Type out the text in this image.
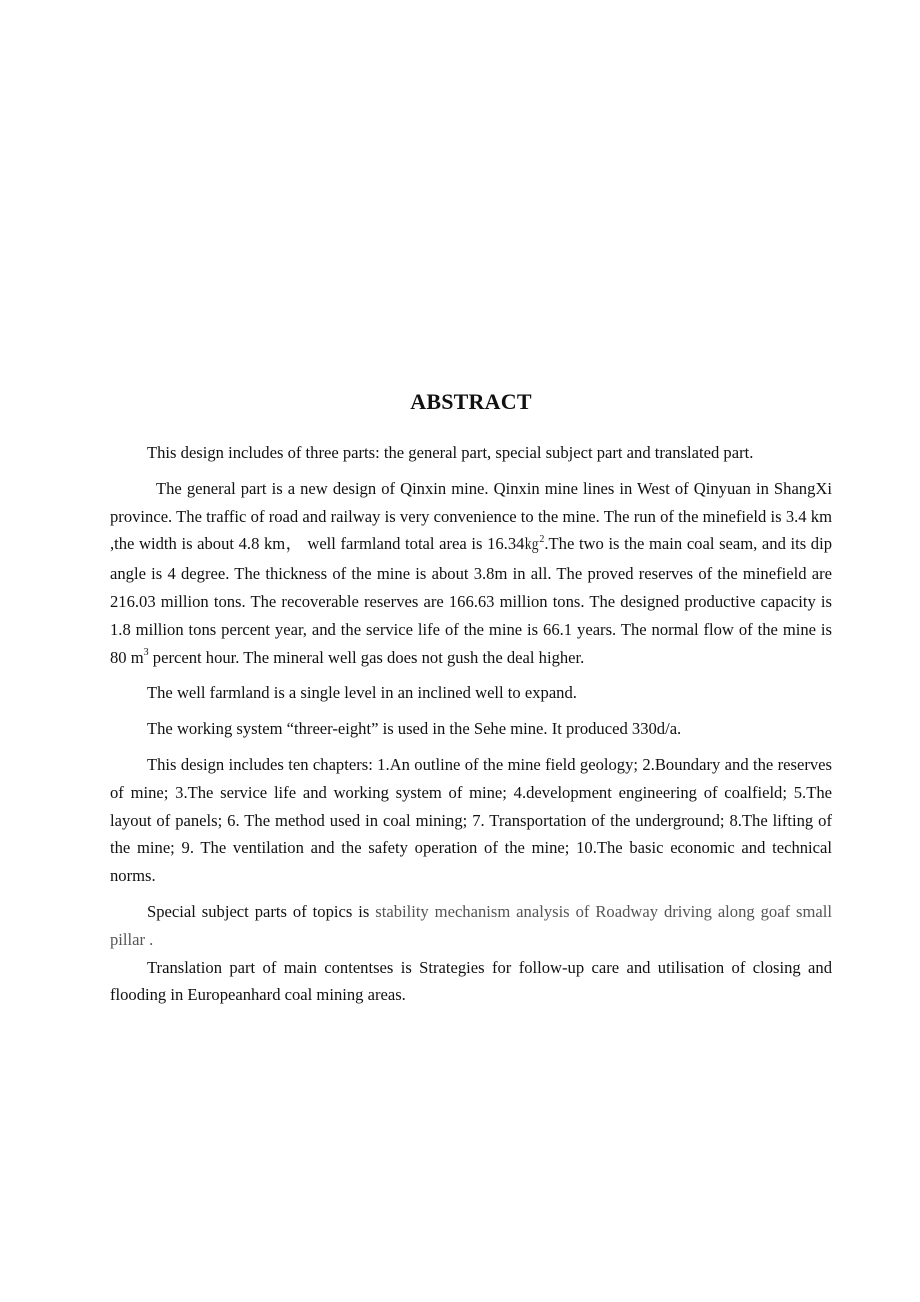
ABSTRACT

This design includes of three parts: the general part, special subject part and translated part.

The general part is a new design of Qinxin mine. Qinxin mine lines in West of Qinyuan in ShangXi province. The traffic of road and railway is very convenience to the mine. The run of the minefield is 3.4 km ,the width is about 4.8 km， well farmland total area is 16.34㎏$^2$.The two is the main coal seam, and its dip angle is 4 degree. The thickness of the mine is about 3.8m in all. The proved reserves of the minefield are 216.03 million tons. The recoverable reserves are 166.63 million tons. The designed productive capacity is 1.8 million tons percent year, and the service life of the mine is 66.1 years. The normal flow of the mine is 80 $m^3$ percent hour. The mineral well gas does not gush the deal higher.

The well farmland is a single level in an inclined well to expand.

The working system “threer-eight” is used in the Sehe mine. It produced 330d/a.

This design includes ten chapters: 1.An outline of the mine field geology; 2.Boundary and the reserves of mine; 3.The service life and working system of mine; 4.development engineering of coalfield; 5.The layout of panels; 6. The method used in coal mining; 7. Transportation of the underground; 8.The lifting of the mine; 9. The ventilation and the safety operation of the mine; 10.The basic economic and technical norms.

Special subject parts of topics is stability mechanism analysis of Roadway driving along goaf small pillar .

Translation part of main contentses is Strategies for follow-up care and utilisation of closing and flooding in Europeanhard coal mining areas.
